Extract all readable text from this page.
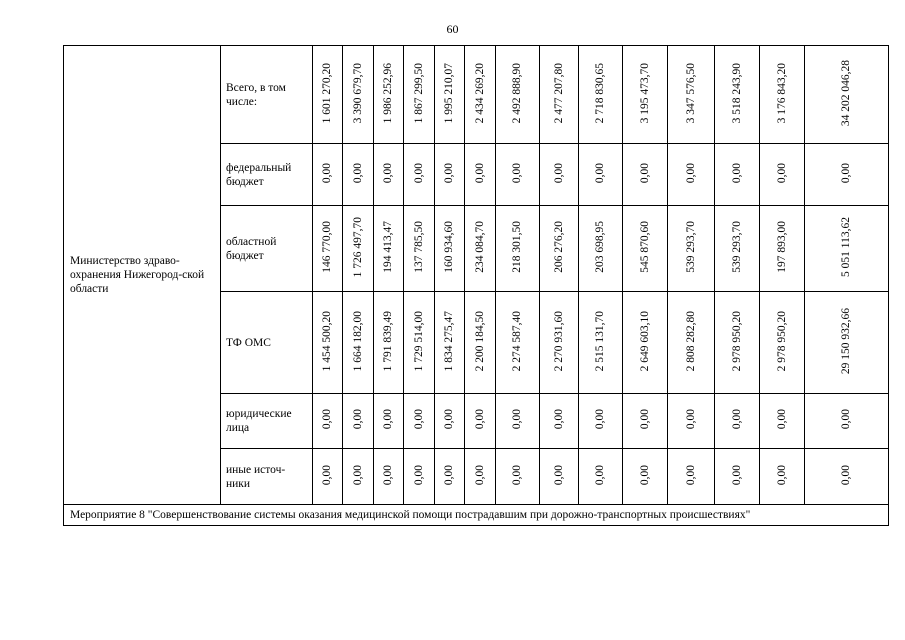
60
Министерство здраво-охранения Нижегород-ской области	Всего, в том числе:	1 601 270,20	3 390 679,70	1 986 252,96	1 867 299,50	1 995 210,07	2 434 269,20	2 492 888,90	2 477 207,80	2 718 830,65	3 195 473,70	3 347 576,50	3 518 243,90	3 176 843,20	34 202 046,28
	федеральный бюджет	0,00	0,00	0,00	0,00	0,00	0,00	0,00	0,00	0,00	0,00	0,00	0,00	0,00	0,00
	областной бюджет	146 770,00	1 726 497,70	194 413,47	137 785,50	160 934,60	234 084,70	218 301,50	206 276,20	203 698,95	545 870,60	539 293,70	539 293,70	197 893,00	5 051 113,62
	ТФ ОМС	1 454 500,20	1 664 182,00	1 791 839,49	1 729 514,00	1 834 275,47	2 200 184,50	2 274 587,40	2 270 931,60	2 515 131,70	2 649 603,10	2 808 282,80	2 978 950,20	2 978 950,20	29 150 932,66
	юридические лица	0,00	0,00	0,00	0,00	0,00	0,00	0,00	0,00	0,00	0,00	0,00	0,00	0,00	0,00
	иные источ-ники	0,00	0,00	0,00	0,00	0,00	0,00	0,00	0,00	0,00	0,00	0,00	0,00	0,00	0,00
Мероприятие 8 "Совершенствование системы оказания медицинской помощи пострадавшим при дорожно-транспортных происшествиях"															
